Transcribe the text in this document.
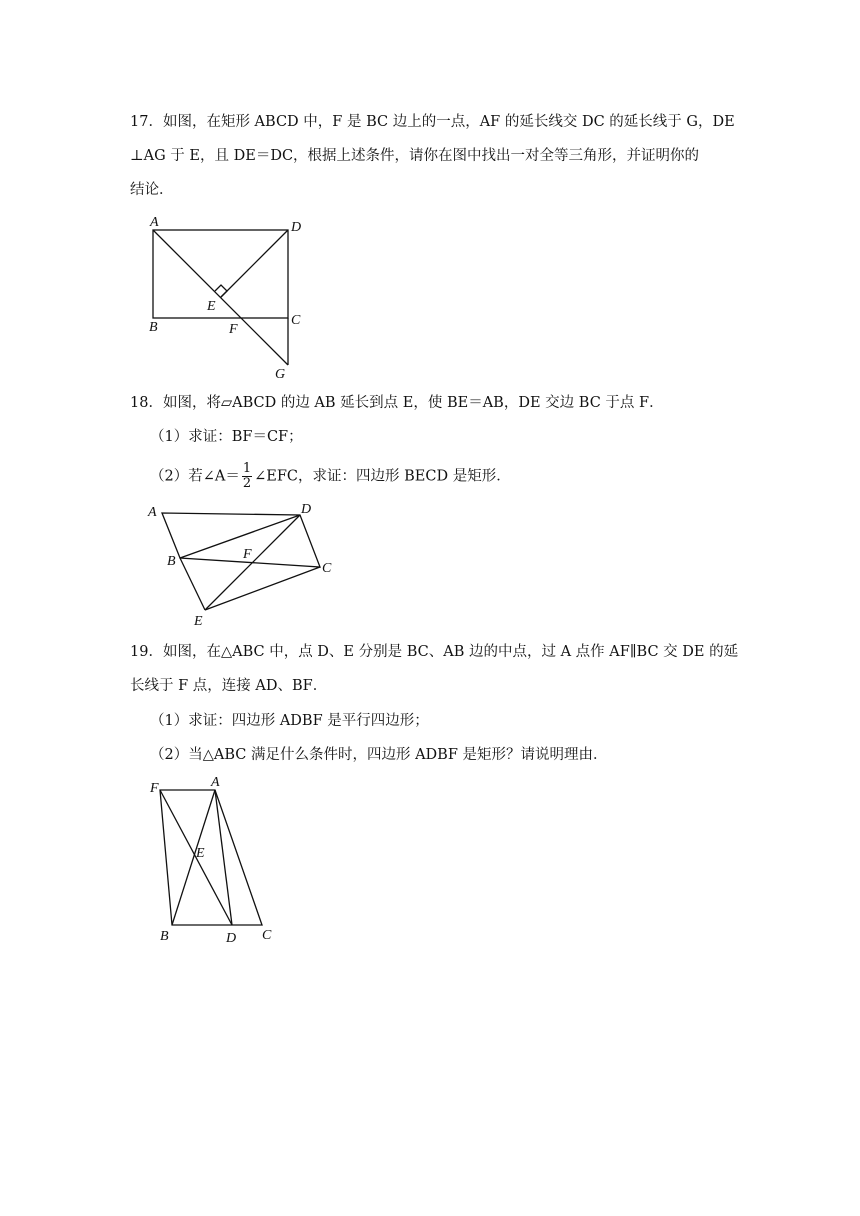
17．如图，在矩形 ABCD 中，F 是 BC 边上的一点，AF 的延长线交 DC 的延长线于 G，DE
⊥AG 于 E，且 DE＝DC，根据上述条件，请你在图中找出一对全等三角形，并证明你的
结论．
A	D
E
B	F
C
G
18．如图，将▱ABCD 的边 AB 延长到点 E，使 BE＝AB，DE 交边 BC 于点 F．
（1）求证：BF＝CF；
（2）若∠A＝ $\frac{1}{2}$ ∠EFC，求证：四边形 BECD 是矩形．
A	D
F
B	C
E
19．如图，在△ABC 中，点 D、E 分别是 BC、AB 边的中点，过 A 点作 AF∥BC 交 DE 的延
长线于 F 点，连接 AD、BF．
（1）求证：四边形 ADBF 是平行四边形；
（2）当△ABC 满足什么条件时，四边形 ADBF 是矩形？请说明理由．
F	A
E
B	D C
